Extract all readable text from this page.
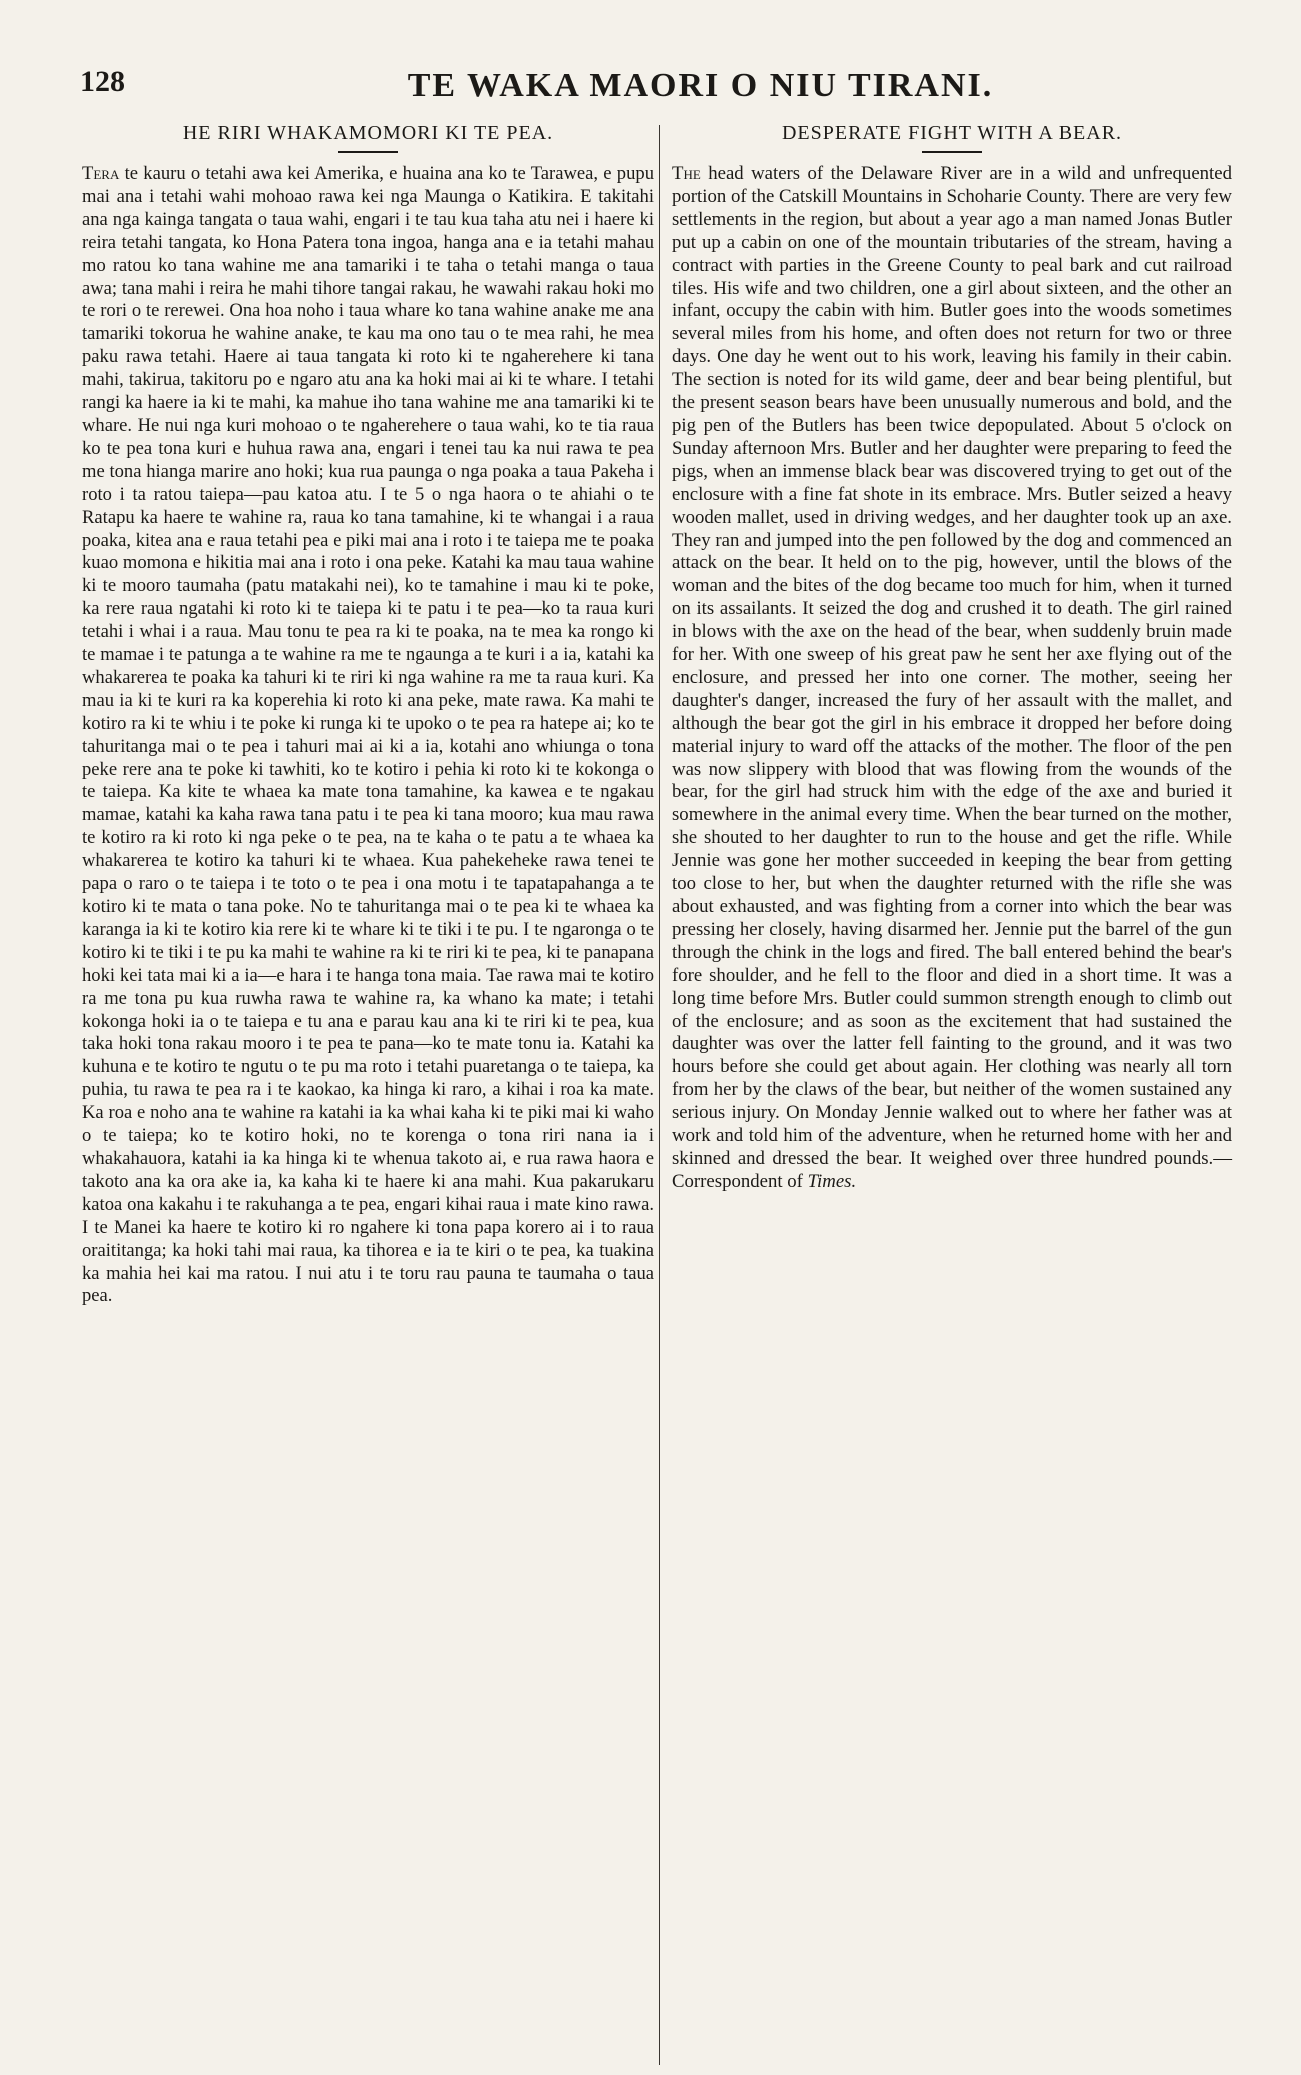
128	TE WAKA MAORI O NIU TIRANI.
HE RIRI WHAKAMOMORI KI TE PEA.

Tera te kauru o tetahi awa kei Amerika, e huaina ana ko te Tarawea, e pupu mai ana i tetahi wahi mohoao rawa kei nga Maunga o Katikira. E takitahi ana nga kainga tangata o taua wahi, engari i te tau kua taha atu nei i haere ki reira tetahi tangata, ko Hona Patera tona ingoa, hanga ana e ia tetahi mahau mo ratou ko tana wahine me ana tamariki i te taha o tetahi manga o taua awa; tana mahi i reira he mahi tihore tangai rakau, he wawahi rakau hoki mo te rori o te rerewei. Ona hoa noho i taua whare ko tana wahine anake me ana tamariki tokorua he wahine anake, te kau ma ono tau o te mea rahi, he mea paku rawa tetahi. Haere ai taua tangata ki roto ki te ngaherehere ki tana mahi, takirua, takitoru po e ngaro atu ana ka hoki mai ai ki te whare. I tetahi rangi ka haere ia ki te mahi, ka mahue iho tana wahine me ana tamariki ki te whare. He nui nga kuri mohoao o te ngaherehere o taua wahi, ko te tia raua ko te pea tona kuri e huhua rawa ana, engari i tenei tau ka nui rawa te pea me tona hianga marire ano hoki; kua rua paunga o nga poaka a taua Pakeha i roto i ta ratou taiepa—pau katoa atu. I te 5 o nga haora o te ahiahi o te Ratapu ka haere te wahine ra, raua ko tana tamahine, ki te whangai i a raua poaka, kitea ana e raua tetahi pea e piki mai ana i roto i te taiepa me te poaka kuao momona e hikitia mai ana i roto i ona peke. Katahi ka mau taua wahine ki te mooro taumaha (patu matakahi nei), ko te tamahine i mau ki te poke, ka rere raua ngatahi ki roto ki te taiepa ki te patu i te pea—ko ta raua kuri tetahi i whai i a raua. Mau tonu te pea ra ki te poaka, na te mea ka rongo ki te mamae i te patunga a te wahine ra me te ngaunga a te kuri i a ia, katahi ka whakarerea te poaka ka tahuri ki te riri ki nga wahine ra me ta raua kuri. Ka mau ia ki te kuri ra ka koperehia ki roto ki ana peke, mate rawa. Ka mahi te kotiro ra ki te whiu i te poke ki runga ki te upoko o te pea ra hatepe ai; ko te tahuritanga mai o te pea i tahuri mai ai ki a ia, kotahi ano whiunga o tona peke rere ana te poke ki tawhiti, ko te kotiro i pehia ki roto ki te kokonga o te taiepa. Ka kite te whaea ka mate tona tamahine, ka kawea e te ngakau mamae, katahi ka kaha rawa tana patu i te pea ki tana mooro; kua mau rawa te kotiro ra ki roto ki nga peke o te pea, na te kaha o te patu a te whaea ka whakarerea te kotiro ka tahuri ki te whaea. Kua pahekeheke rawa tenei te papa o raro o te taiepa i te toto o te pea i ona motu i te tapatapahanga a te kotiro ki te mata o tana poke. No te tahuritanga mai o te pea ki te whaea ka karanga ia ki te kotiro kia rere ki te whare ki te tiki i te pu. I te ngaronga o te kotiro ki te tiki i te pu ka mahi te wahine ra ki te riri ki te pea, ki te panapana hoki kei tata mai ki a ia—e hara i te hanga tona maia. Tae rawa mai te kotiro ra me tona pu kua ruwha rawa te wahine ra, ka whano ka mate; i tetahi kokonga hoki ia o te taiepa e tu ana e parau kau ana ki te riri ki te pea, kua taka hoki tona rakau mooro i te pea te pana—ko te mate tonu ia. Katahi ka kuhuna e te kotiro te ngutu o te pu ma roto i tetahi puaretanga o te taiepa, ka puhia, tu rawa te pea ra i te kaokao, ka hinga ki raro, a kihai i roa ka mate. Ka roa e noho ana te wahine ra katahi ia ka whai kaha ki te piki mai ki waho o te taiepa; ko te kotiro hoki, no te korenga o tona riri nana ia i whakahauora, katahi ia ka hinga ki te whenua takoto ai, e rua rawa haora e takoto ana ka ora ake ia, ka kaha ki te haere ki ana mahi. Kua pakarukaru katoa ona kakahu i te rakuhanga a te pea, engari kihai raua i mate kino rawa. I te Manei ka haere te kotiro ki ro ngahere ki tona papa korero ai i to raua oraititanga; ka hoki tahi mai raua, ka tihorea e ia te kiri o te pea, ka tuakina ka mahia hei kai ma ratou. I nui atu i te toru rau pauna te taumaha o taua pea.

DESPERATE FIGHT WITH A BEAR.

The head waters of the Delaware River are in a wild and unfrequented portion of the Catskill Mountains in Schoharie County. There are very few settlements in the region, but about a year ago a man named Jonas Butler put up a cabin on one of the mountain tributaries of the stream, having a contract with parties in the Greene County to peal bark and cut railroad tiles. His wife and two children, one a girl about sixteen, and the other an infant, occupy the cabin with him. Butler goes into the woods sometimes several miles from his home, and often does not return for two or three days. One day he went out to his work, leaving his family in their cabin. The section is noted for its wild game, deer and bear being plentiful, but the present season bears have been unusually numerous and bold, and the pig pen of the Butlers has been twice depopulated. About 5 o'clock on Sunday afternoon Mrs. Butler and her daughter were preparing to feed the pigs, when an immense black bear was discovered trying to get out of the enclosure with a fine fat shote in its embrace. Mrs. Butler seized a heavy wooden mallet, used in driving wedges, and her daughter took up an axe. They ran and jumped into the pen followed by the dog and commenced an attack on the bear. It held on to the pig, however, until the blows of the woman and the bites of the dog became too much for him, when it turned on its assailants. It seized the dog and crushed it to death. The girl rained in blows with the axe on the head of the bear, when suddenly bruin made for her. With one sweep of his great paw he sent her axe flying out of the enclosure, and pressed her into one corner. The mother, seeing her daughter's danger, increased the fury of her assault with the mallet, and although the bear got the girl in his embrace it dropped her before doing material injury to ward off the attacks of the mother. The floor of the pen was now slippery with blood that was flowing from the wounds of the bear, for the girl had struck him with the edge of the axe and buried it somewhere in the animal every time. When the bear turned on the mother, she shouted to her daughter to run to the house and get the rifle. While Jennie was gone her mother succeeded in keeping the bear from getting too close to her, but when the daughter returned with the rifle she was about exhausted, and was fighting from a corner into which the bear was pressing her closely, having disarmed her. Jennie put the barrel of the gun through the chink in the logs and fired. The ball entered behind the bear's fore shoulder, and he fell to the floor and died in a short time. It was a long time before Mrs. Butler could summon strength enough to climb out of the enclosure; and as soon as the excitement that had sustained the daughter was over the latter fell fainting to the ground, and it was two hours before she could get about again. Her clothing was nearly all torn from her by the claws of the bear, but neither of the women sustained any serious injury. On Monday Jennie walked out to where her father was at work and told him of the adventure, when he returned home with her and skinned and dressed the bear. It weighed over three hundred pounds.— Correspondent of Times.
